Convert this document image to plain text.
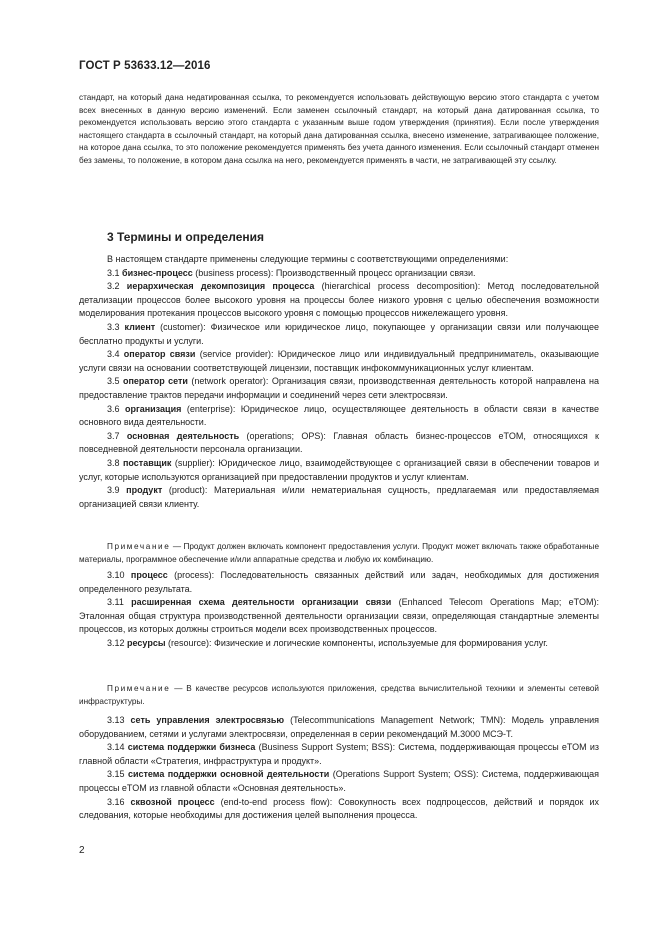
ГОСТ Р 53633.12—2016

стандарт, на который дана недатированная ссылка, то рекомендуется использовать действующую версию этого стандарта с учетом всех внесенных в данную версию изменений. Если заменен ссылочный стандарт, на который дана датированная ссылка, то рекомендуется использовать версию этого стандарта с указанным выше годом утверждения (принятия). Если после утверждения настоящего стандарта в ссылочный стандарт, на который дана датированная ссылка, внесено изменение, затрагивающее положение, на которое дана ссылка, то это положение рекомендуется применять без учета данного изменения. Если ссылочный стандарт отменен без замены, то положение, в котором дана ссылка на него, рекомендуется применять в части, не затрагивающей эту ссылку.

3 Термины и определения

В настоящем стандарте применены следующие термины с соответствующими определениями:

3.1 бизнес-процесс (business process): Производственный процесс организации связи.

3.2 иерархическая декомпозиция процесса (hierarchical process decomposition): Метод последовательной детализации процессов более высокого уровня на процессы более низкого уровня с целью обеспечения возможности моделирования протекания процессов высокого уровня с помощью процессов нижележащего уровня.

3.3 клиент (customer): Физическое или юридическое лицо, покупающее у организации связи или получающее бесплатно продукты и услуги.

3.4 оператор связи (service provider): Юридическое лицо или индивидуальный предприниматель, оказывающие услуги связи на основании соответствующей лицензии, поставщик инфокоммуникационных услуг клиентам.

3.5 оператор сети (network operator): Организация связи, производственная деятельность которой направлена на предоставление трактов передачи информации и соединений через сети электросвязи.

3.6 организация (enterprise): Юридическое лицо, осуществляющее деятельность в области связи в качестве основного вида деятельности.

3.7 основная деятельность (operations; OPS): Главная область бизнес-процессов eTOM, относящихся к повседневной деятельности персонала организации.

3.8 поставщик (supplier): Юридическое лицо, взаимодействующее с организацией связи в обеспечении товаров и услуг, которые используются организацией при предоставлении продуктов и услуг клиентам.

3.9 продукт (product): Материальная и/или нематериальная сущность, предлагаемая или предоставляемая организацией связи клиенту.

Примечание — Продукт должен включать компонент предоставления услуги. Продукт может включать также обработанные материалы, программное обеспечение и/или аппаратные средства и любую их комбинацию.

3.10 процесс (process): Последовательность связанных действий или задач, необходимых для достижения определенного результата.

3.11 расширенная схема деятельности организации связи (Enhanced Telecom Operations Map; eTOM): Эталонная общая структура производственной деятельности организации связи, определяющая стандартные элементы процессов, из которых должны строиться модели всех производственных процессов.

3.12 ресурсы (resource): Физические и логические компоненты, используемые для формирования услуг.

Примечание — В качестве ресурсов используются приложения, средства вычислительной техники и элементы сетевой инфраструктуры.

3.13 сеть управления электросвязью (Telecommunications Management Network; TMN): Модель управления оборудованием, сетями и услугами электросвязи, определенная в серии рекомендаций М.3000 МСЭ-Т.

3.14 система поддержки бизнеса (Business Support System; BSS): Система, поддерживающая процессы eTOM из главной области «Стратегия, инфраструктура и продукт».

3.15 система поддержки основной деятельности (Operations Support System; OSS): Система, поддерживающая процессы eTOM из главной области «Основная деятельность».

3.16 сквозной процесс (end-to-end process flow): Совокупность всех подпроцессов, действий и порядок их следования, которые необходимы для достижения целей выполнения процесса.

2
